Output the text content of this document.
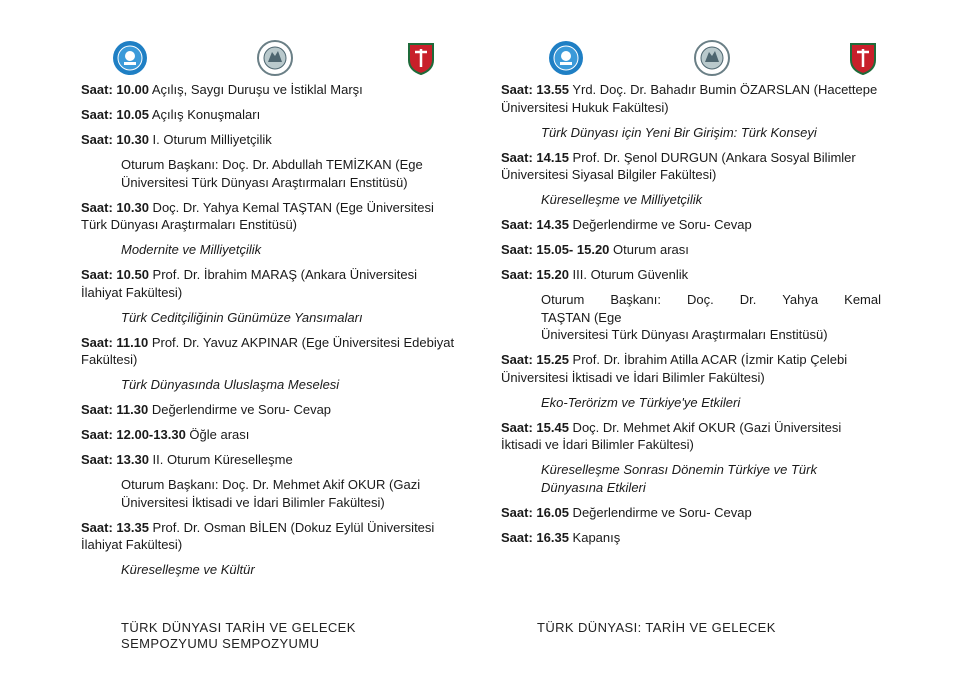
Saat: 10.00 Açılış, Saygı Duruşu ve İstiklal Marşı
Saat: 10.05 Açılış Konuşmaları
Saat: 10.30 I. Oturum Milliyetçilik
Oturum Başkanı: Doç. Dr. Abdullah TEMİZKAN (Ege Üniversitesi Türk Dünyası Araştırmaları Enstitüsü)
Saat: 10.30 Doç. Dr. Yahya Kemal TAŞTAN (Ege Üniversitesi Türk Dünyası Araştırmaları Enstitüsü)
Modernite ve Milliyetçilik
Saat: 10.50 Prof. Dr. İbrahim MARAŞ (Ankara Üniversitesi İlahiyat Fakültesi)
Türk Ceditçiliğinin Günümüze Yansımaları
Saat: 11.10 Prof. Dr. Yavuz AKPINAR (Ege Üniversitesi Edebiyat Fakültesi)
Türk Dünyasında Uluslaşma Meselesi
Saat: 11.30 Değerlendirme ve Soru- Cevap
Saat: 12.00-13.30 Öğle arası
Saat: 13.30 II. Oturum Küreselleşme
Oturum Başkanı: Doç. Dr. Mehmet Akif OKUR (Gazi Üniversitesi İktisadi ve İdari Bilimler Fakültesi)
Saat: 13.35 Prof. Dr. Osman BİLEN (Dokuz Eylül Üniversitesi İlahiyat Fakültesi)
Küreselleşme ve Kültür
Saat: 13.55 Yrd. Doç. Dr. Bahadır Bumin ÖZARSLAN (Hacettepe Üniversitesi Hukuk Fakültesi)
Türk Dünyası için Yeni Bir Girişim: Türk Konseyi
Saat: 14.15 Prof. Dr. Şenol DURGUN (Ankara Sosyal Bilimler Üniversitesi Siyasal Bilgiler Fakültesi)
Küreselleşme ve Milliyetçilik
Saat: 14.35 Değerlendirme ve Soru- Cevap
Saat: 15.05- 15.20 Oturum arası
Saat: 15.20 III. Oturum Güvenlik
Oturum Başkanı: Doç. Dr. Yahya Kemal
TAŞTAN (Ege
Üniversitesi Türk Dünyası Araştırmaları Enstitüsü)
Saat: 15.25 Prof. Dr. İbrahim Atilla ACAR (İzmir Katip Çelebi Üniversitesi İktisadi ve İdari Bilimler Fakültesi)
Eko-Terörizm ve Türkiye'ye Etkileri
Saat: 15.45 Doç. Dr. Mehmet Akif OKUR (Gazi Üniversitesi İktisadi ve İdari Bilimler Fakültesi)
Küreselleşme Sonrası Dönemin Türkiye ve Türk Dünyasına Etkileri
Saat: 16.05 Değerlendirme ve Soru- Cevap
Saat: 16.35 Kapanış
TÜRK DÜNYASI TARİH VE GELECEK SEMPOZYUMU SEMPOZYUMU
TÜRK DÜNYASI: TARİH VE GELECEK
